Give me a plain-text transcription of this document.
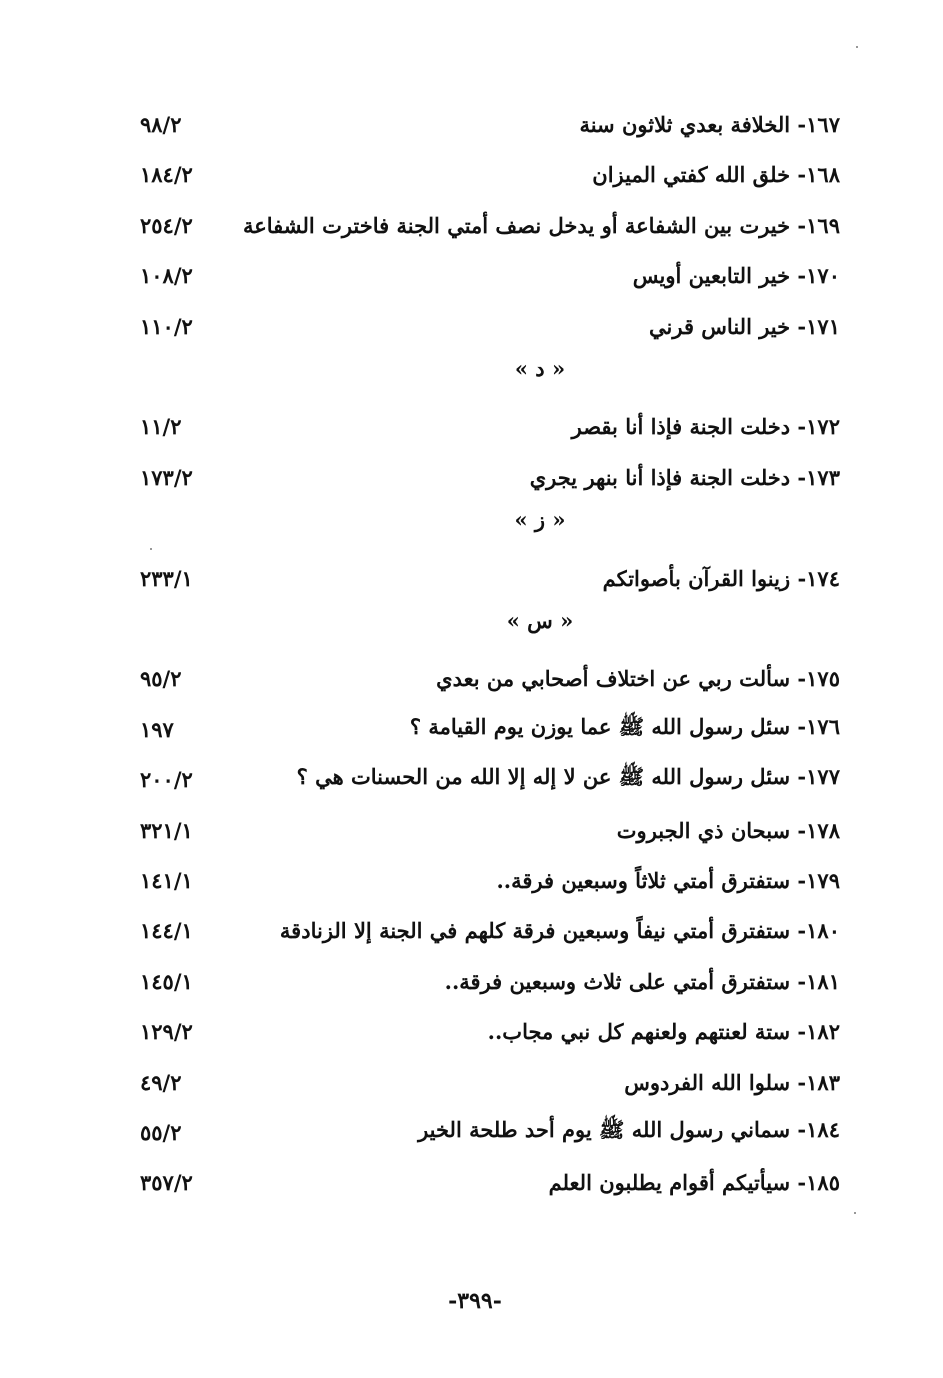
٩٨/٢	١٦٧- الخلافة بعدي ثلاثون سنة
١٨٤/٢	١٦٨- خلق الله كفتي الميزان
٢٥٤/٢	١٦٩- خيرت بين الشفاعة أو يدخل نصف أمتي الجنة فاخترت الشفاعة
١٠٨/٢	١٧٠- خير التابعين أويس
١١٠/٢	١٧١- خير الناس قرني
« د »
١١/٢	١٧٢- دخلت الجنة فإذا أنا بقصر
١٧٣/٢	١٧٣- دخلت الجنة فإذا أنا بنهر يجري
« ز »
٢٣٣/١	١٧٤- زينوا القرآن بأصواتكم
« س »
٩٥/٢	١٧٥- سألت ربي عن اختلاف أصحابي من بعدي
١٩٧	١٧٦- سئل رسول الله ﷺ عما يوزن يوم القيامة ؟
٢٠٠/٢	١٧٧- سئل رسول الله ﷺ عن لا إله إلا الله من الحسنات هي ؟
٣٢١/١	١٧٨- سبحان ذي الجبروت
١٤١/١	١٧٩- ستفترق أمتي ثلاثاً وسبعين فرقة..
١٤٤/١	١٨٠- ستفترق أمتي نيفاً وسبعين فرقة كلهم في الجنة إلا الزنادقة
١٤٥/١	١٨١- ستفترق أمتي على ثلاث وسبعين فرقة..
١٢٩/٢	١٨٢- ستة لعنتهم ولعنهم كل نبي مجاب..
٤٩/٢	١٨٣- سلوا الله الفردوس
٥٥/٢	١٨٤- سماني رسول الله ﷺ يوم أحد طلحة الخير
٣٥٧/٢	١٨٥- سيأتيكم أقوام يطلبون العلم
-٣٩٩-
